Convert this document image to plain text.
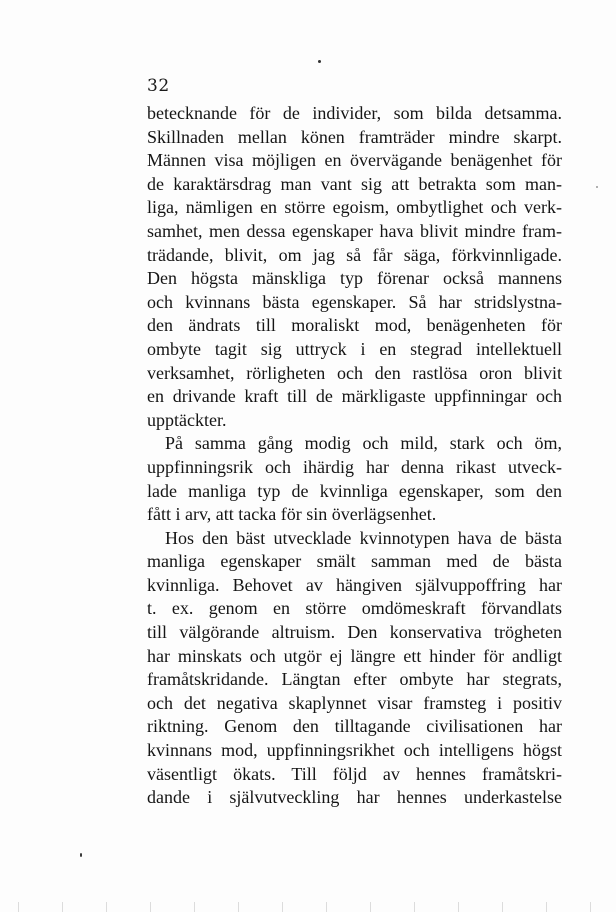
32
betecknande för de individer, som bilda detsamma.
Skillnaden mellan könen framträder mindre skarpt.
Männen visa möjligen en övervägande benägenhet för
de karaktärsdrag man vant sig att betrakta som man-
liga, nämligen en större egoism, ombytlighet och verk-
samhet, men dessa egenskaper hava blivit mindre fram-
trädande, blivit, om jag så får säga, förkvinnligade.
Den högsta mänskliga typ förenar också mannens
och kvinnans bästa egenskaper. Så har stridslystna-
den ändrats till moraliskt mod, benägenheten för
ombyte tagit sig uttryck i en stegrad intellektuell
verksamhet, rörligheten och den rastlösa oron blivit
en drivande kraft till de märkligaste uppfinningar och
upptäckter.
På samma gång modig och mild, stark och öm,
uppfinningsrik och ihärdig har denna rikast utveck-
lade manliga typ de kvinnliga egenskaper, som den
fått i arv, att tacka för sin överlägsenhet.
Hos den bäst utvecklade kvinnotypen hava de bästa
manliga egenskaper smält samman med de bästa
kvinnliga. Behovet av hängiven självuppoffring har
t. ex. genom en större omdömeskraft förvandlats
till välgörande altruism. Den konservativa trögheten
har minskats och utgör ej längre ett hinder för andligt
framåtskridande. Längtan efter ombyte har stegrats,
och det negativa skaplynnet visar framsteg i positiv
riktning. Genom den tilltagande civilisationen har
kvinnans mod, uppfinningsrikhet och intelligens högst
väsentligt ökats. Till följd av hennes framåtskri-
dande i självutveckling har hennes underkastelse
